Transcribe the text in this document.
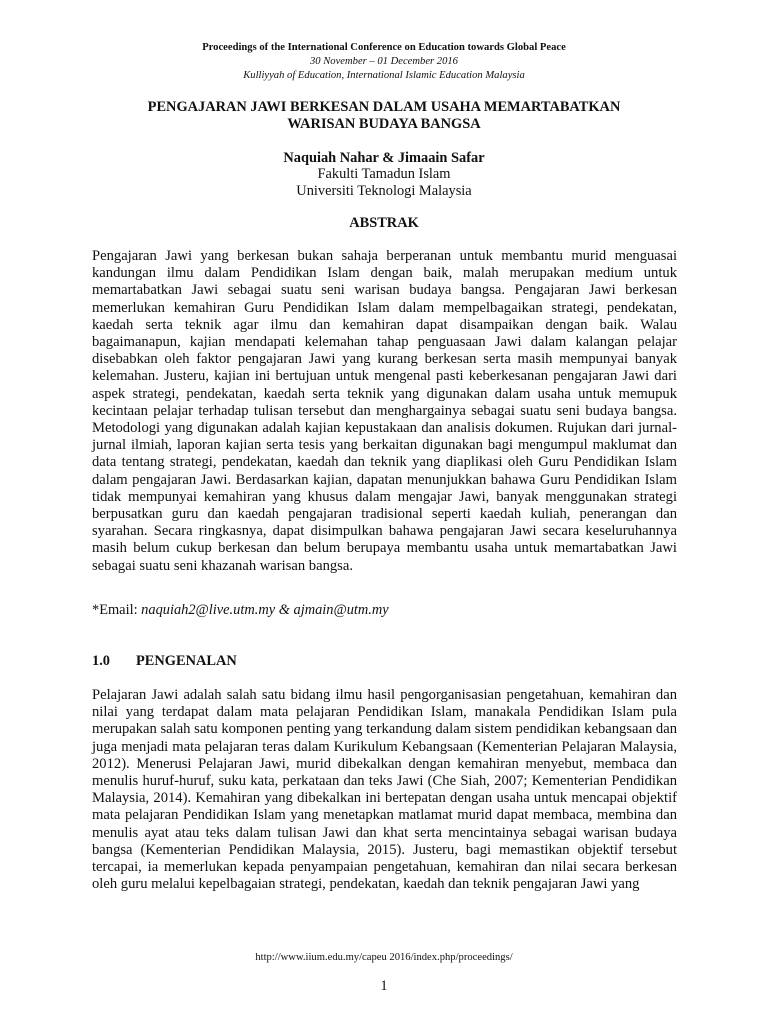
Proceedings of the International Conference on Education towards Global Peace
30 November – 01 December 2016
Kulliyyah of Education, International Islamic Education Malaysia
PENGAJARAN JAWI BERKESAN DALAM USAHA MEMARTABATKAN
WARISAN BUDAYA BANGSA
Naquiah Nahar & Jimaain Safar
Fakulti Tamadun Islam
Universiti Teknologi Malaysia
ABSTRAK

Pengajaran Jawi yang berkesan bukan sahaja berperanan untuk membantu murid menguasai kandungan ilmu dalam Pendidikan Islam dengan baik, malah merupakan medium untuk memartabatkan Jawi sebagai suatu seni warisan budaya bangsa. Pengajaran Jawi berkesan memerlukan kemahiran Guru Pendidikan Islam dalam mempelbagaikan strategi, pendekatan, kaedah serta teknik agar ilmu dan kemahiran dapat disampaikan dengan baik. Walau bagaimanapun, kajian mendapati kelemahan tahap penguasaan Jawi dalam kalangan pelajar disebabkan oleh faktor pengajaran Jawi yang kurang berkesan serta masih mempunyai banyak kelemahan. Justeru, kajian ini bertujuan untuk mengenal pasti keberkesanan pengajaran Jawi dari aspek strategi, pendekatan, kaedah serta teknik yang digunakan dalam usaha untuk memupuk kecintaan pelajar terhadap tulisan tersebut dan menghargainya sebagai suatu seni budaya bangsa. Metodologi yang digunakan adalah kajian kepustakaan dan analisis dokumen. Rujukan dari jurnal-jurnal ilmiah, laporan kajian serta tesis yang berkaitan digunakan bagi mengumpul maklumat dan data tentang strategi, pendekatan, kaedah dan teknik yang diaplikasi oleh Guru Pendidikan Islam dalam pengajaran Jawi. Berdasarkan kajian, dapatan menunjukkan bahawa Guru Pendidikan Islam tidak mempunyai kemahiran yang khusus dalam mengajar Jawi, banyak menggunakan strategi berpusatkan guru dan kaedah pengajaran tradisional seperti kaedah kuliah, penerangan dan syarahan. Secara ringkasnya, dapat disimpulkan bahawa pengajaran Jawi secara keseluruhannya masih belum cukup berkesan dan belum berupaya membantu usaha untuk memartabatkan Jawi sebagai suatu seni khazanah warisan bangsa.

*Email: naquiah2@live.utm.my & ajmain@utm.my
1.0 PENGENALAN

Pelajaran Jawi adalah salah satu bidang ilmu hasil pengorganisasian pengetahuan, kemahiran dan nilai yang terdapat dalam mata pelajaran Pendidikan Islam, manakala Pendidikan Islam pula merupakan salah satu komponen penting yang terkandung dalam sistem pendidikan kebangsaan dan juga menjadi mata pelajaran teras dalam Kurikulum Kebangsaan (Kementerian Pelajaran Malaysia, 2012). Menerusi Pelajaran Jawi, murid dibekalkan dengan kemahiran menyebut, membaca dan menulis huruf-huruf, suku kata, perkataan dan teks Jawi (Che Siah, 2007; Kementerian Pendidikan Malaysia, 2014). Kemahiran yang dibekalkan ini bertepatan dengan usaha untuk mencapai objektif mata pelajaran Pendidikan Islam yang menetapkan matlamat murid dapat membaca, membina dan menulis ayat atau teks dalam tulisan Jawi dan khat serta mencintainya sebagai warisan budaya bangsa (Kementerian Pendidikan Malaysia, 2015). Justeru, bagi memastikan objektif tersebut tercapai, ia memerlukan kepada penyampaian pengetahuan, kemahiran dan nilai secara berkesan oleh guru melalui kepelbagaian strategi, pendekatan, kaedah dan teknik pengajaran Jawi yang

http://www.iium.edu.my/capeu 2016/index.php/proceedings/
1
